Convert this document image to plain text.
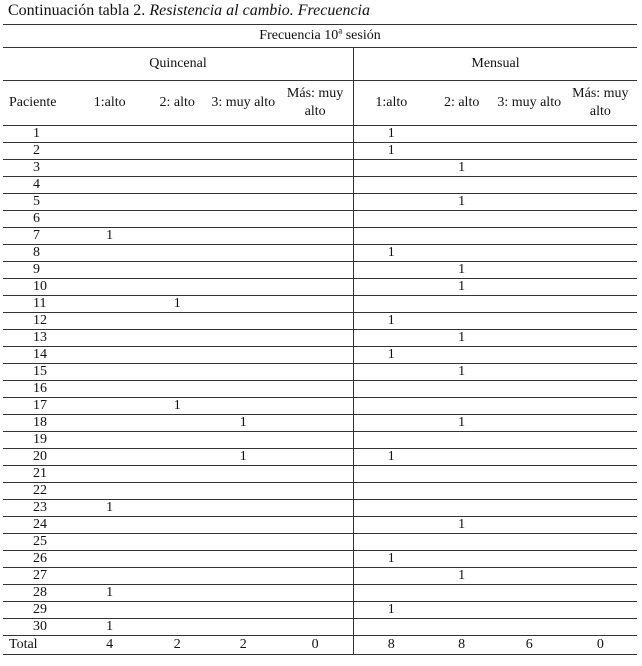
Continuación tabla 2. Resistencia al cambio. Frecuencia
Frecuencia 10$^a$ sesión								
Quincenal					Mensual			
Paciente	1:alto	2: alto	3: muy alto	Más: muy alto	1:alto	2: alto	3: muy alto	Más: muy alto
1					1			
2					1			
3						1		
4								
5						1		
6								
7	1							
8					1			
9						1		
10						1		
11		1						
12					1			
13						1		
14					1			
15						1		
16								
17		1						
18			1			1		
19								
20			1		1			
21								
22								
23	1							
24						1		
25								
26					1			
27						1		
28	1							
29					1			
30	1							
Total	4	2	2	0	8	8	6	0
